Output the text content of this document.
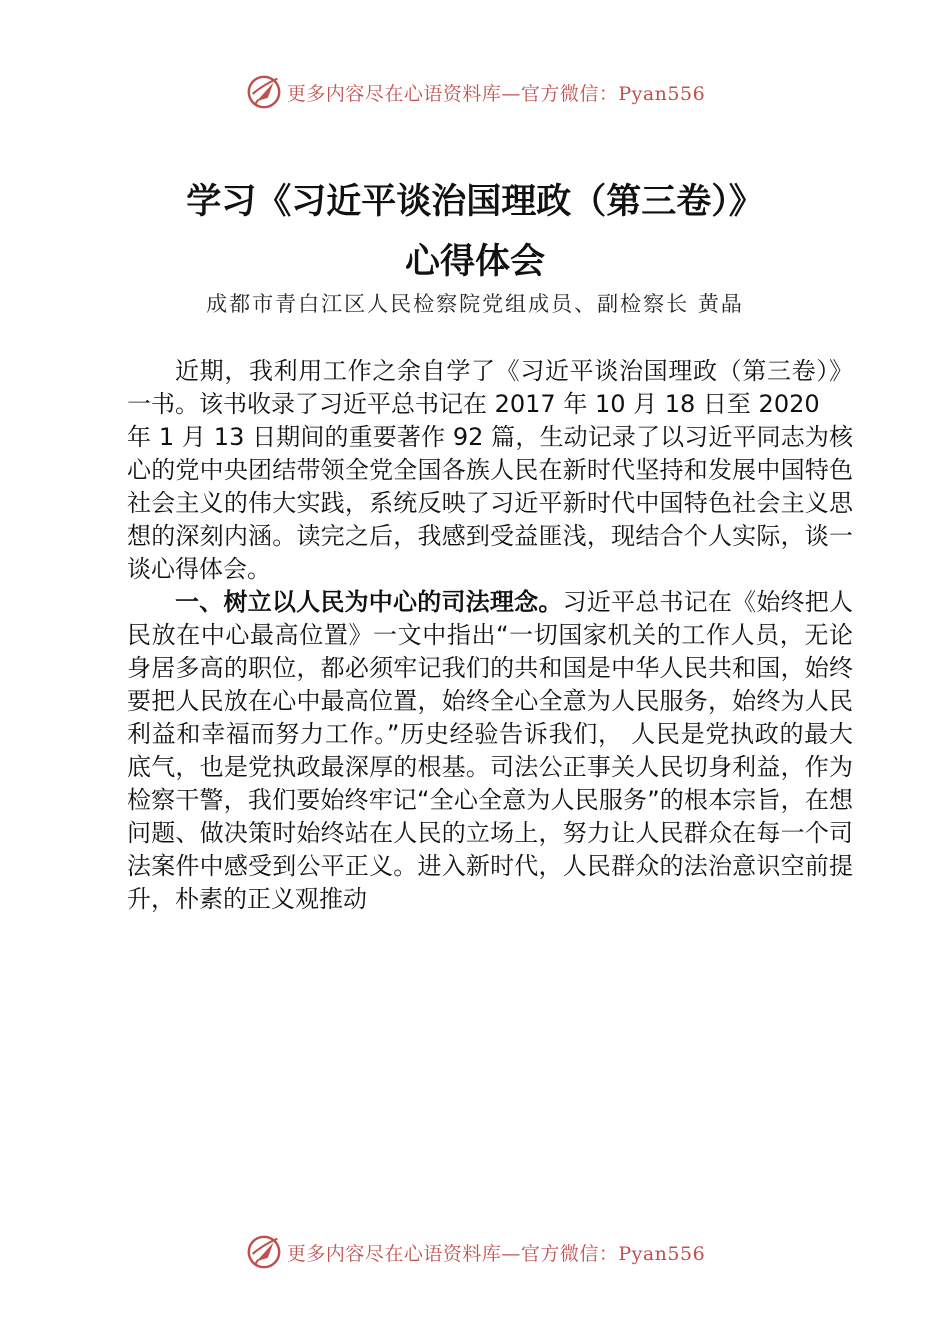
更多内容尽在心语资料库—官方微信：Pyan556
学习《习近平谈治国理政（第三卷）》
心得体会
成都市青白江区人民检察院党组成员、副检察长 黄晶

近期，我利用工作之余自学了《习近平谈治国理政（第三卷）》一书。该书收录了习近平总书记在 2017 年 10 月 18 日至 2020

年 1 月 13 日期间的重要著作 92 篇，生动记录了以习近平同志为核心的党中央团结带领全党全国各族人民在新时代坚持和发展中国特色社会主义的伟大实践，系统反映了习近平新时代中国特色社会主义思想的深刻内涵。读完之后，我感到受益匪浅，现结合个人实际，谈一谈心得体会。

一、树立以人民为中心的司法理念。习近平总书记在《始终把人民放在中心最高位置》一文中指出“一切国家机关的工作人员，无论身居多高的职位，都必须牢记我们的共和国是中华人民共和国，始终要把人民放在心中最高位置，始终全心全意为人民服务，始终为人民利益和幸福而努力工作。”历史经验告诉我们， 人民是党执政的最大底气，也是党执政最深厚的根基。司法公正事关人民切身利益，作为检察干警，我们要始终牢记“全心全意为人民服务”的根本宗旨，在想问题、做决策时始终站在人民的立场上，努力让人民群众在每一个司法案件中感受到公平正义。进入新时代，人民群众的法治意识空前提升，朴素的正义观推动

更多内容尽在心语资料库—官方微信：Pyan556
